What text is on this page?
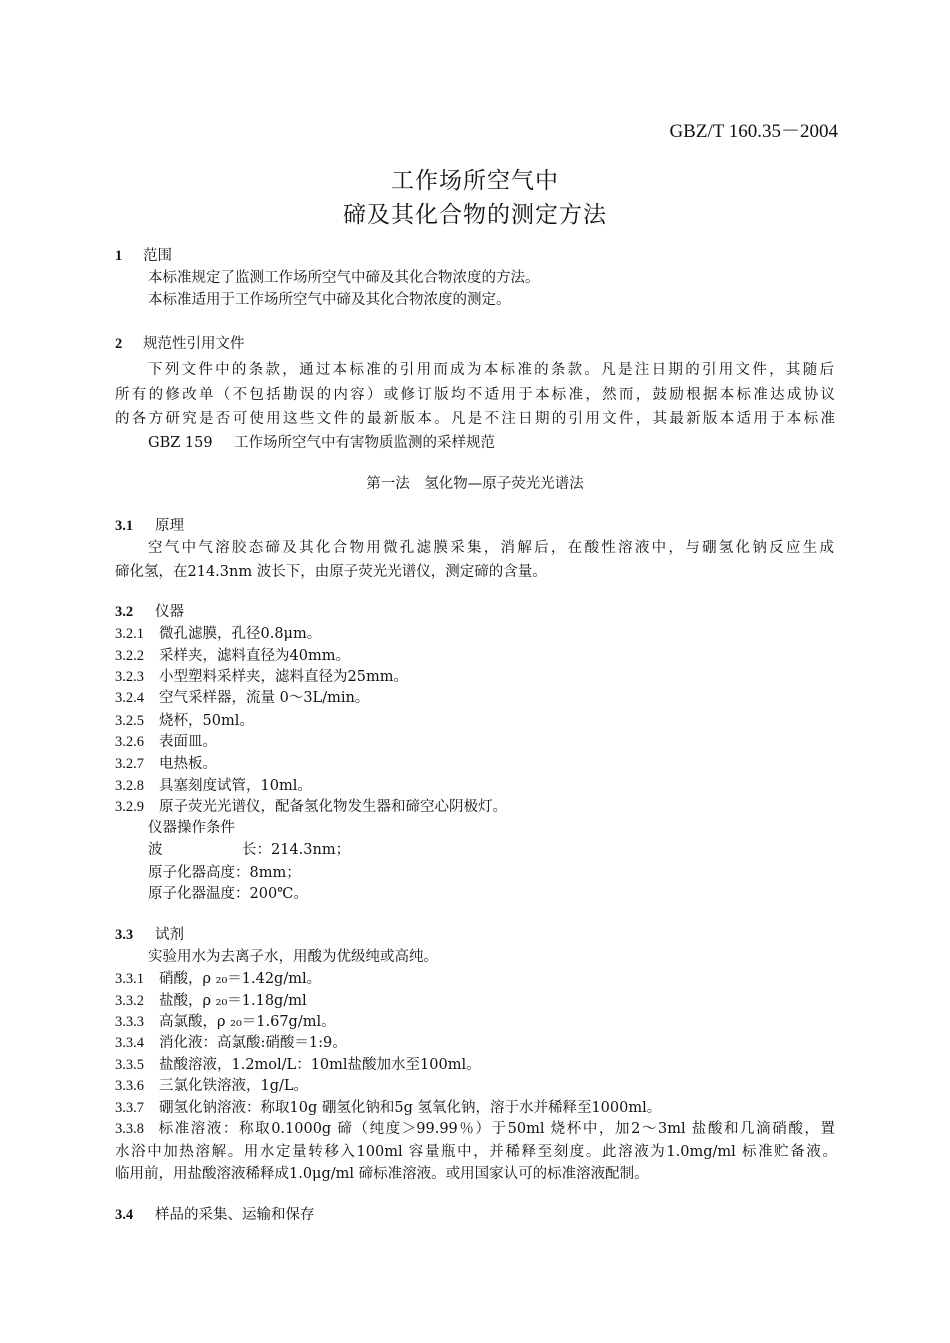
GBZ/T 160.35－2004
工作场所空气中
碲及其化合物的测定方法
1 范围
本标准规定了监测工作场所空气中碲及其化合物浓度的方法。
本标准适用于工作场所空气中碲及其化合物浓度的测定。
2 规范性引用文件
下列文件中的条款，通过本标准的引用而成为本标准的条款。凡是注日期的引用文件，其随后
所有的修改单（不包括勘误的内容）或修订版均不适用于本标准，然而，鼓励根据本标准达成协议
的各方研究是否可使用这些文件的最新版本。凡是不注日期的引用文件，其最新版本适用于本标准
GBZ 159 工作场所空气中有害物质监测的采样规范
第一法　氢化物—原子荧光光谱法
3.1 原理
空气中气溶胶态碲及其化合物用微孔滤膜采集，消解后，在酸性溶液中，与硼氢化钠反应生成
碲化氢，在214.3nm 波长下，由原子荧光光谱仪，测定碲的含量。
3.2 仪器
3.2.1 微孔滤膜，孔径0.8μm。
3.2.2 采样夹，滤料直径为40mm。
3.2.3 小型塑料采样夹，滤料直径为25mm。
3.2.4 空气采样器，流量 0～3L/min。
3.2.5 烧杯，50ml。
3.2.6 表面皿。
3.2.7 电热板。
3.2.8 具塞刻度试管，10ml。
3.2.9 原子荧光光谱仪，配备氢化物发生器和碲空心阴极灯。
仪器操作条件
波	长：214.3nm；
原子化器高度：8mm；
原子化器温度：200℃。
3.3 试剂
实验用水为去离子水，用酸为优级纯或高纯。
3.3.1 硝酸，ρ ₂₀＝1.42g/ml。
3.3.2 盐酸，ρ ₂₀＝1.18g/ml
3.3.3 高氯酸，ρ ₂₀＝1.67g/ml。
3.3.4 消化液：高氯酸:硝酸＝1:9。
3.3.5 盐酸溶液，1.2mol/L：10ml盐酸加水至100ml。
3.3.6 三氯化铁溶液，1g/L。
3.3.7 硼氢化钠溶液：称取10g 硼氢化钠和5g 氢氧化钠，溶于水并稀释至1000ml。
3.3.8 标准溶液：称取0.1000g 碲（纯度＞99.99％）于50ml 烧杯中，加2～3ml 盐酸和几滴硝酸，置
水浴中加热溶解。用水定量转移入100ml 容量瓶中，并稀释至刻度。此溶液为1.0mg/ml 标准贮备液。
临用前，用盐酸溶液稀释成1.0μg/ml 碲标准溶液。或用国家认可的标准溶液配制。
3.4 样品的采集、运输和保存
